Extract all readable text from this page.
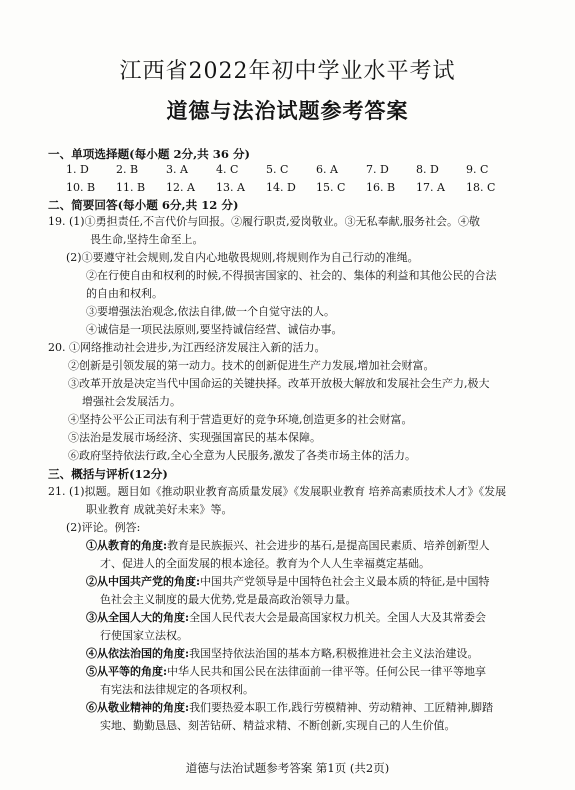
江西省2022年初中学业水平考试
道德与法治试题参考答案
一、单项选择题(每小题 2分,共 36 分)
1. D 2. B	3. A	4. C	5. C	6. A	7. D 8. D 9. C
10. B 11. B 12. A 13. A 14. D 15. C 16. B 17. A 18. C
二、简要回答(每小题 6分,共 12 分)
19. (1)①勇担责任,不言代价与回报。②履行职责,爱岗敬业。③无私奉献,服务社会。④敬
畏生命,坚持生命至上。
(2)①要遵守社会规则,发自内心地敬畏规则,将规则作为自己行动的准绳。
②在行使自由和权利的时候,不得损害国家的、社会的、集体的利益和其他公民的合法
的自由和权利。
③要增强法治观念,依法自律,做一个自觉守法的人。
④诚信是一项民法原则,要坚持诚信经营、诚信办事。
20. ①网络推动社会进步,为江西经济发展注入新的活力。
②创新是引领发展的第一动力。技术的创新促进生产力发展,增加社会财富。
③改革开放是决定当代中国命运的关键抉择。改革开放极大解放和发展社会生产力,极大
增强社会发展活力。
④坚持公平公正司法有利于营造更好的竞争环境,创造更多的社会财富。
⑤法治是发展市场经济、实现强国富民的基本保障。
⑥政府坚持依法行政,全心全意为人民服务,激发了各类市场主体的活力。
三、概括与评析(12分)
21. (1)拟题。题目如《推动职业教育高质量发展》《发展职业教育 培养高素质技术人才》《发展
职业教育 成就美好未来》等。
(2)评论。例答:
①从教育的角度:教育是民族振兴、社会进步的基石,是提高国民素质、培养创新型人
才、促进人的全面发展的根本途径。教育为个人人生幸福奠定基础。
②从中国共产党的角度:中国共产党领导是中国特色社会主义最本质的特征,是中国特
色社会主义制度的最大优势,党是最高政治领导力量。
③从全国人大的角度:全国人民代表大会是最高国家权力机关。全国人大及其常委会
行使国家立法权。
④从依法治国的角度:我国坚持依法治国的基本方略,积极推进社会主义法治建设。
⑤从平等的角度:中华人民共和国公民在法律面前一律平等。任何公民一律平等地享
有宪法和法律规定的各项权利。
⑥从敬业精神的角度:我们要热爱本职工作,践行劳模精神、劳动精神、工匠精神,脚踏
实地、勤勤恳恳、刻苦钻研、精益求精、不断创新,实现自己的人生价值。
道德与法治试题参考答案 第1页 (共2页)
